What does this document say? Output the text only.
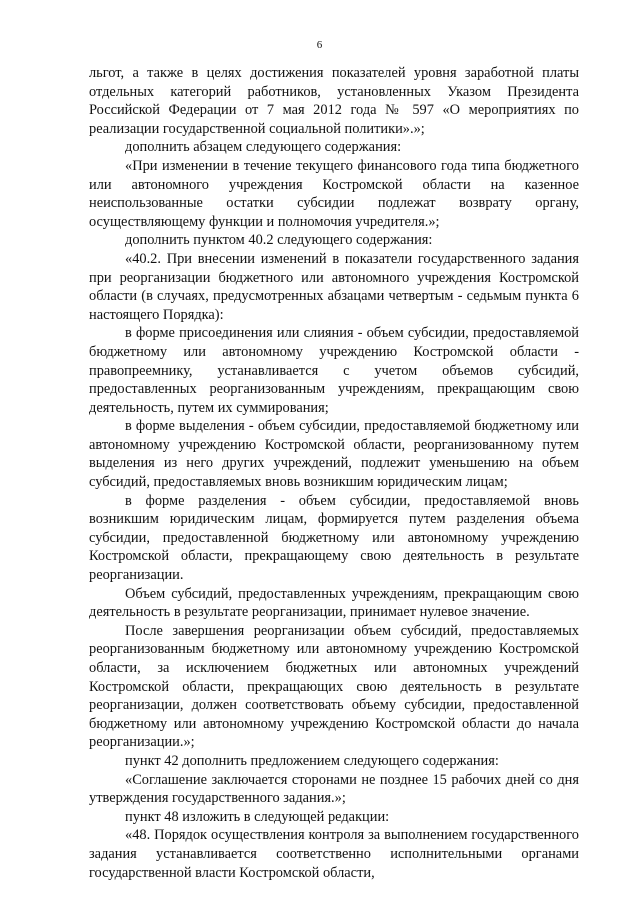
6

льгот, а также в целях достижения показателей уровня заработной платы отдельных категорий работников, установленных Указом Президента Российской Федерации от 7 мая 2012 года № 597 «О мероприятиях по реализации государственной социальной политики».»;

дополнить абзацем следующего содержания:

«При изменении в течение текущего финансового года типа бюджетного или автономного учреждения Костромской области на казенное неиспользованные остатки субсидии подлежат возврату органу, осуществляющему функции и полномочия учредителя.»;

дополнить пунктом 40.2 следующего содержания:

«40.2. При внесении изменений в показатели государственного задания при реорганизации бюджетного или автономного учреждения Костромской области (в случаях, предусмотренных абзацами четвертым - седьмым пункта 6 настоящего Порядка):

в форме присоединения или слияния - объем субсидии, предоставляемой бюджетному или автономному учреждению Костромской области - правопреемнику, устанавливается с учетом объемов субсидий, предоставленных реорганизованным учреждениям, прекращающим свою деятельность, путем их суммирования;

в форме выделения - объем субсидии, предоставляемой бюджетному или автономному учреждению Костромской области, реорганизованному путем выделения из него других учреждений, подлежит уменьшению на объем субсидий, предоставляемых вновь возникшим юридическим лицам;

в форме разделения - объем субсидии, предоставляемой вновь возникшим юридическим лицам, формируется путем разделения объема субсидии, предоставленной бюджетному или автономному учреждению Костромской области, прекращающему свою деятельность в результате реорганизации.

Объем субсидий, предоставленных учреждениям, прекращающим свою деятельность в результате реорганизации, принимает нулевое значение.

После завершения реорганизации объем субсидий, предоставляемых реорганизованным бюджетному или автономному учреждению Костромской области, за исключением бюджетных или автономных учреждений Костромской области, прекращающих свою деятельность в результате реорганизации, должен соответствовать объему субсидии, предоставленной бюджетному или автономному учреждению Костромской области до начала реорганизации.»;

пункт 42 дополнить предложением следующего содержания:

«Соглашение заключается сторонами не позднее 15 рабочих дней со дня утверждения государственного задания.»;

пункт 48 изложить в следующей редакции:

«48. Порядок осуществления контроля за выполнением государственного задания устанавливается соответственно исполнительными органами государственной власти Костромской области,
